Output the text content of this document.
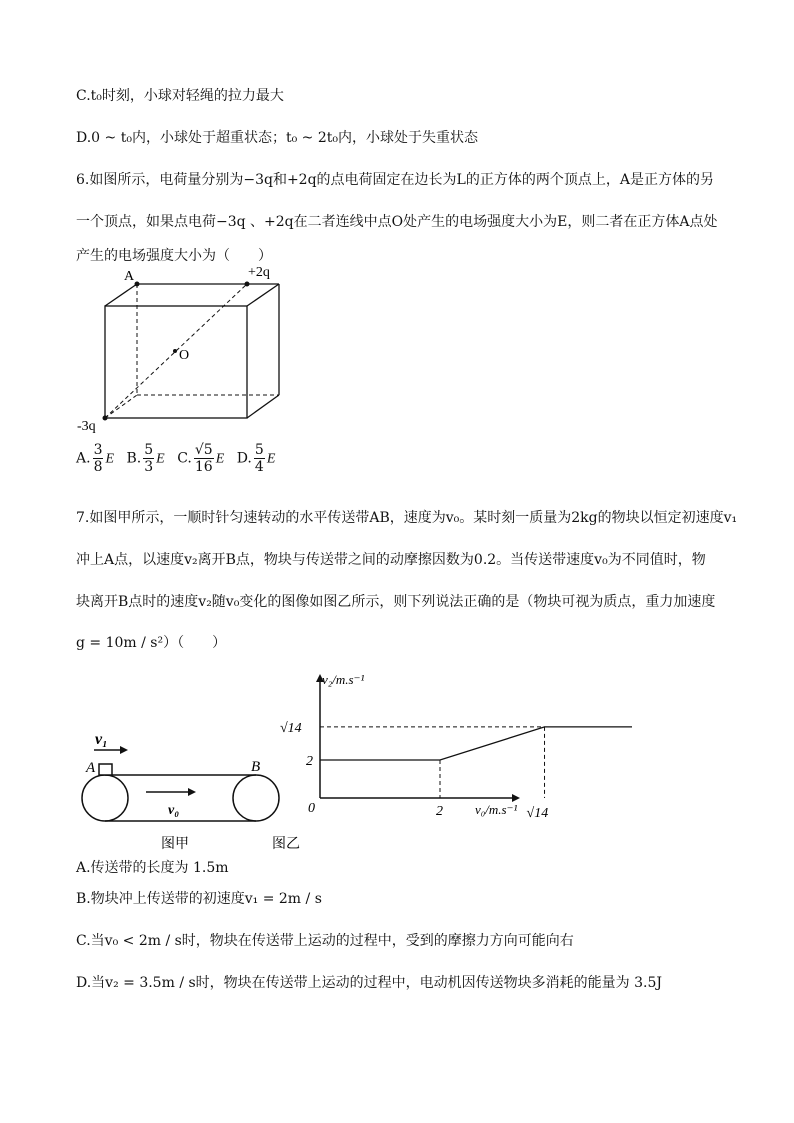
C.t₀时刻，小球对轻绳的拉力最大
D.0 ~ t₀内，小球处于超重状态；t₀ ~ 2t₀内，小球处于失重状态
6.如图所示，电荷量分别为−3q和+2q的点电荷固定在边长为L的正方体的两个顶点上，A是正方体的另
一个顶点，如果点电荷−3q 、+2q在二者连线中点O处产生的电场强度大小为E，则二者在正方体A点处
产生的电场强度大小为（　　）
A	+2q
-3q
O
A. $\frac{3}{8}$ E B. $\frac{5}{3}$ E C. $\frac{√5}{16}$ E D. $\frac{5}{4}$ E
7.如图甲所示，一顺时针匀速转动的水平传送带AB，速度为v₀。某时刻一质量为2kg的物块以恒定初速度v₁
冲上A点，以速度v₂离开B点，物块与传送带之间的动摩擦因数为0.2。当传送带速度v₀为不同值时，物
块离开B点时的速度v₂随v₀变化的图像如图乙所示，则下列说法正确的是（物块可视为质点，重力加速度
g = 10m / s²）（　　）
v₁
A	B
v₀
图甲
v₂/m.s⁻¹
v₀/m.s⁻¹
0
√14
2
2	√14
图乙
A.传送带的长度为 1.5m
B.物块冲上传送带的初速度v₁ = 2m / s
C.当v₀ < 2m / s时，物块在传送带上运动的过程中，受到的摩擦力方向可能向右
D.当v₂ = 3.5m / s时，物块在传送带上运动的过程中，电动机因传送物块多消耗的能量为 3.5J
